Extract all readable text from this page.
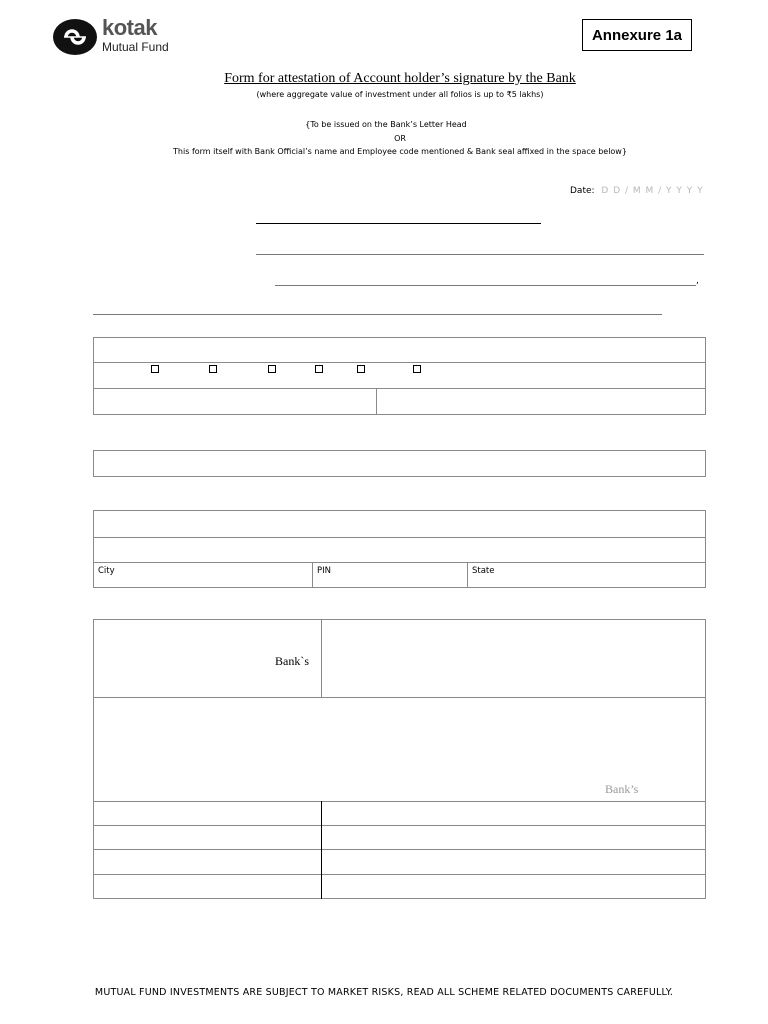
kotak
Mutual Fund
Annexure 1a
Form for attestation of Account holder’s signature by the Bank
(where aggregate value of investment under all folios is up to ₹5 lakhs)
{To be issued on the Bank’s Letter Head
OR
This form itself with Bank Official’s name and Employee code mentioned & Bank seal affixed in the space below}
Date: D D / M M / Y Y Y Y
,
City	PIN	State
Bank`s
Bank’s
MUTUAL FUND INVESTMENTS ARE SUBJECT TO MARKET RISKS, READ ALL SCHEME RELATED DOCUMENTS CAREFULLY.
